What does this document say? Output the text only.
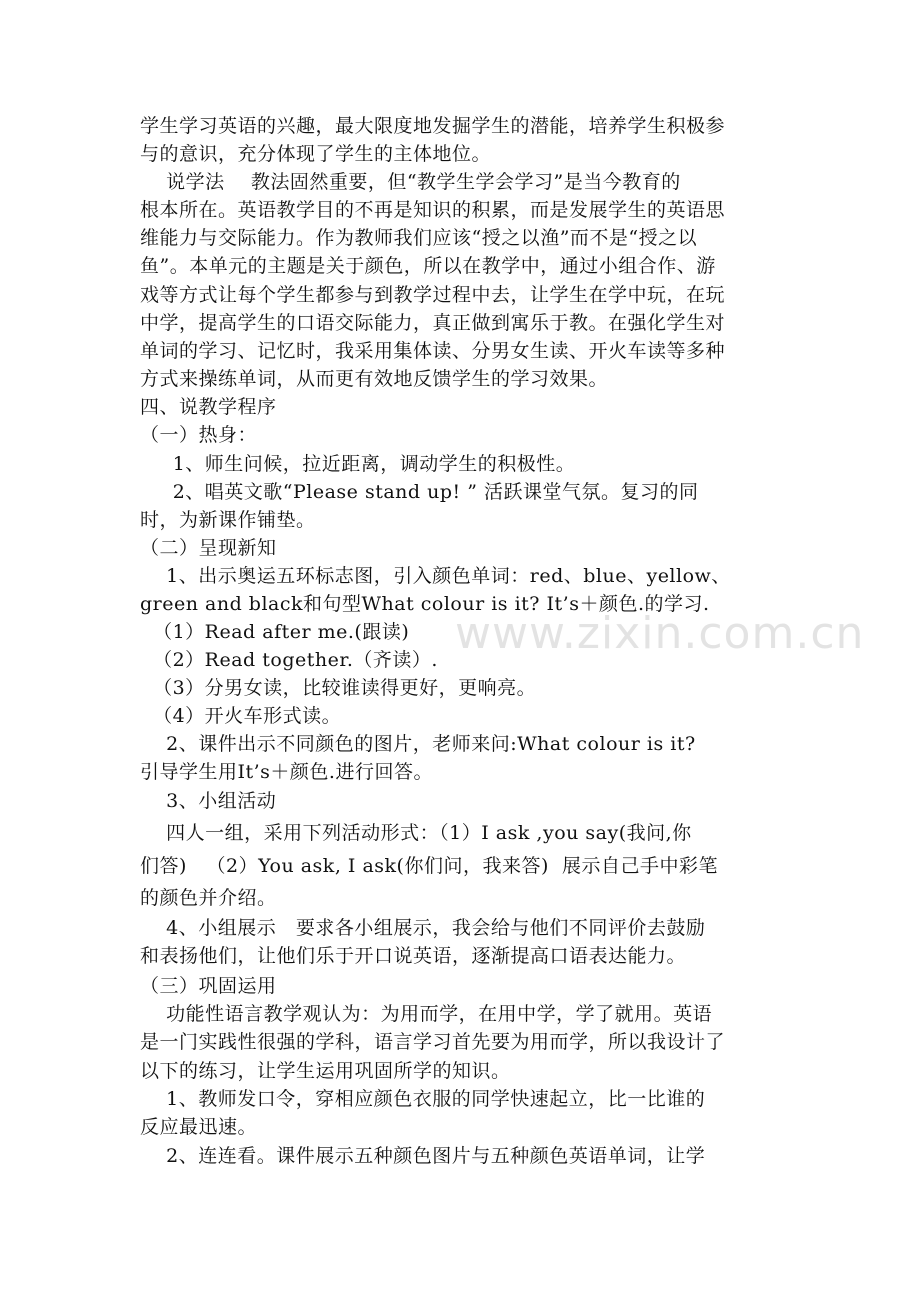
www.zixin.com.cn
学生学习英语的兴趣，最大限度地发掘学生的潜能，培养学生积极参
与的意识，充分体现了学生的主体地位。
说学法    教法固然重要，但“教学生学会学习”是当今教育的
根本所在。英语教学目的不再是知识的积累，而是发展学生的英语思
维能力与交际能力。作为教师我们应该“授之以渔”而不是“授之以
鱼”。本单元的主题是关于颜色，所以在教学中，通过小组合作、游
戏等方式让每个学生都参与到教学过程中去，让学生在学中玩，在玩
中学，提高学生的口语交际能力，真正做到寓乐于教。在强化学生对
单词的学习、记忆时，我采用集体读、分男女生读、开火车读等多种
方式来操练单词，从而更有效地反馈学生的学习效果。
四、说教学程序
（一）热身：
1、师生问候，拉近距离，调动学生的积极性。
2、唱英文歌“Please stand up! ” 活跃课堂气氛。复习的同
时，为新课作铺垫。
（二）呈现新知
1、出示奥运五环标志图，引入颜色单词：red、blue、yellow、
green and black和句型What colour is it? It’s＋颜色.的学习.
（1）Read after me.(跟读)
（2）Read together.（齐读）.
（3）分男女读，比较谁读得更好，更响亮。
（4）开火车形式读。
2、课件出示不同颜色的图片，老师来问:What colour is it?
引导学生用It’s＋颜色.进行回答。
3、小组活动
四人一组，采用下列活动形式：（1）I ask ,you say(我问,你
们答)   （2）You ask, I ask(你们问，我来答)  展示自己手中彩笔
的颜色并介绍。
4、小组展示   要求各小组展示，我会给与他们不同评价去鼓励
和表扬他们，让他们乐于开口说英语，逐渐提高口语表达能力。
（三）巩固运用
功能性语言教学观认为：为用而学，在用中学，学了就用。英语
是一门实践性很强的学科，语言学习首先要为用而学，所以我设计了
以下的练习，让学生运用巩固所学的知识。
1、教师发口令，穿相应颜色衣服的同学快速起立，比一比谁的
反应最迅速。
2、连连看。课件展示五种颜色图片与五种颜色英语单词，让学
